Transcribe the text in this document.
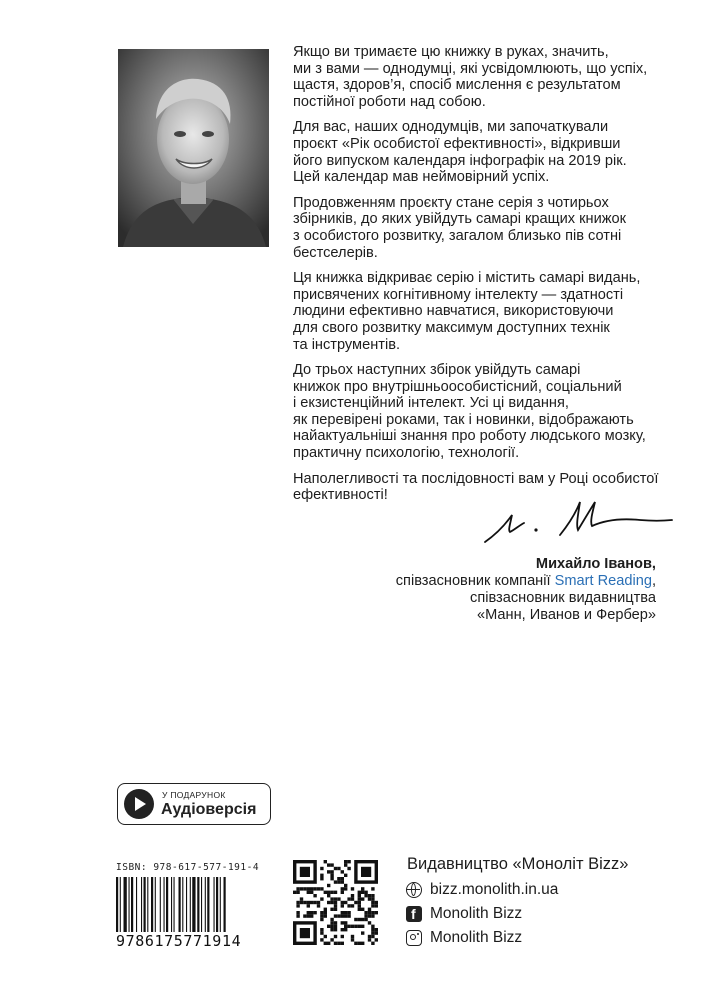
Якщо ви тримаєте цю книжку в руках, значить,
ми з вами — однодумці, які усвідомлюють, що успіх,
щастя, здоров’я, спосіб мислення є результатом
постійної роботи над собою.

Для вас, наших однодумців, ми започаткували
проєкт «Рік особистої ефективності», відкривши
його випуском календаря інфографік на 2019 рік.
Цей календар мав неймовірний успіх.

Продовженням проєкту стане серія з чотирьох
збірників, до яких увійдуть самарі кращих книжок
з особистого розвитку, загалом близько пів сотні
бестселерів.

Ця книжка відкриває серію і містить самарі видань,
присвячених когнітивному інтелекту — здатності
людини ефективно навчатися, використовуючи
для свого розвитку максимум доступних технік
та інструментів.

До трьох наступних збірок увійдуть самарі
книжок про внутрішньоособистісний, соціальний
і екзистенційний інтелект. Усі ці видання,
як перевірені роками, так і новинки, відображають
найактуальніші знання про роботу людського мозку,
практичну психологію, технології.

Наполегливості та послідовності вам у Році особистої
ефективності!

Михайло Іванов,
співзасновник компанії Smart Reading,
співзасновник видавництва
«Манн, Иванов и Фербер»
У ПОДАРУНОК
Аудіоверсія
ISBN: 978-617-577-191-4
9786175771914
Видавництво «Моноліт Bizz»
bizz.monolith.in.ua
f
Monolith Bizz
Monolith Bizz
